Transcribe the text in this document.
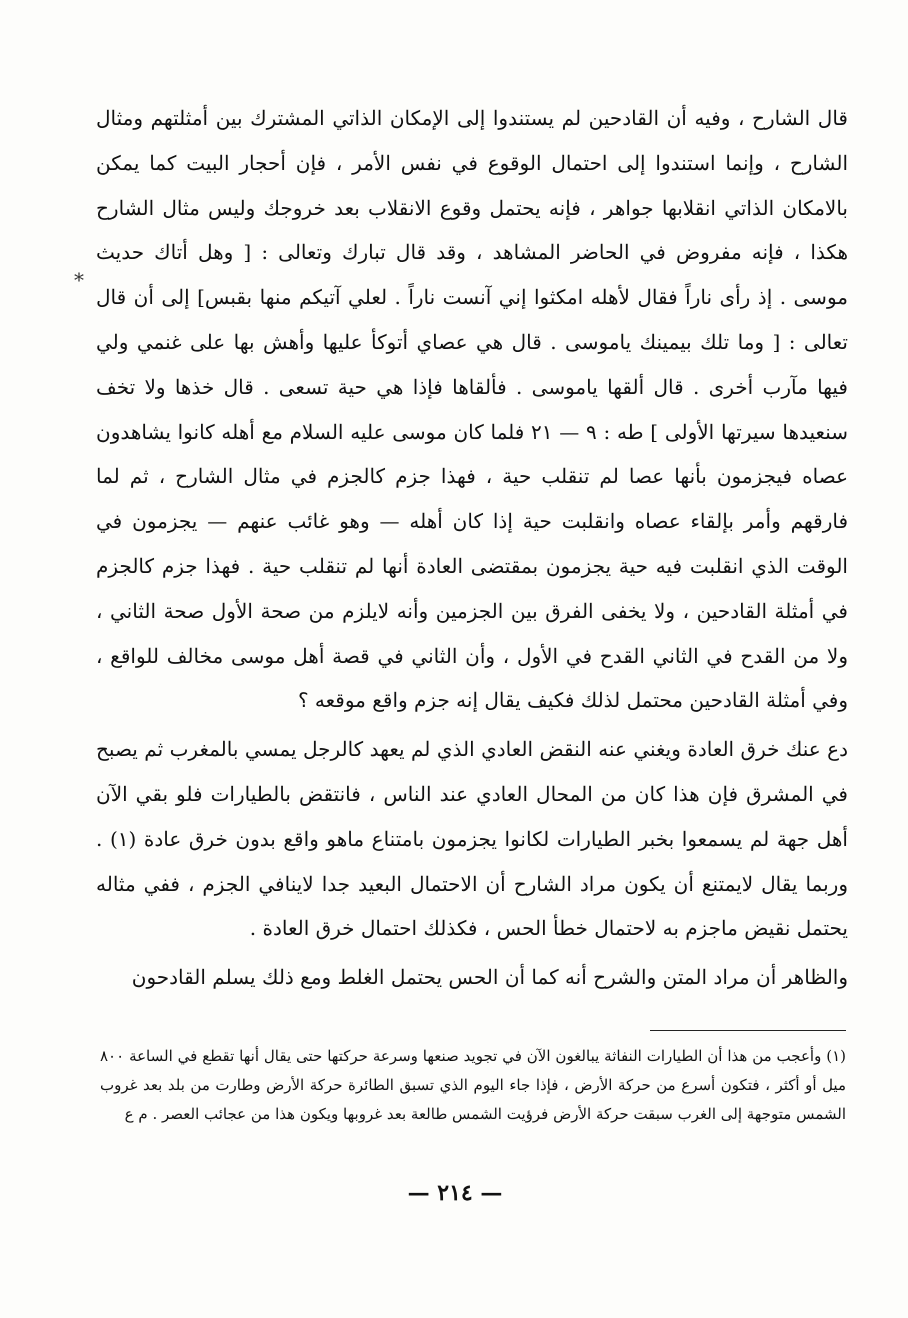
*

قال الشارح ، وفيه أن القادحين لم يستندوا إلى الإمكان الذاتي المشترك بين أمثلتهم ومثال الشارح ، وإنما استندوا إلى احتمال الوقوع في نفس الأمر ، فإن أحجار البيت كما يمكن بالامكان الذاتي انقلابها جواهر ، فإنه يحتمل وقوع الانقلاب بعد خروجك وليس مثال الشارح هكذا ، فإنه مفروض في الحاضر المشاهد ، وقد قال تبارك وتعالى : [ وهل أتاك حديث موسى . إذ رأى ناراً فقال لأهله امكثوا إني آنست ناراً . لعلي آتيكم منها بقبس] إلى أن قال تعالى : [ وما تلك بيمينك ياموسى . قال هي عصاي أتوكأ عليها وأهش بها على غنمي ولي فيها مآرب أخرى . قال ألقها ياموسى . فألقاها فإذا هي حية تسعى . قال خذها ولا تخف سنعيدها سيرتها الأولى ] طه : ٩ — ٢١ فلما كان موسى عليه السلام مع أهله كانوا يشاهدون عصاه فيجزمون بأنها عصا لم تنقلب حية ، فهذا جزم كالجزم في مثال الشارح ، ثم لما فارقهم وأمر بإلقاء عصاه وانقلبت حية إذا كان أهله — وهو غائب عنهم — يجزمون في الوقت الذي انقلبت فيه حية يجزمون بمقتضى العادة أنها لم تنقلب حية . فهذا جزم كالجزم في أمثلة القادحين ، ولا يخفى الفرق بين الجزمين وأنه لايلزم من صحة الأول صحة الثاني ، ولا من القدح في الثاني القدح في الأول ، وأن الثاني في قصة أهل موسى مخالف للواقع ، وفي أمثلة القادحين محتمل لذلك فكيف يقال إنه جزم واقع موقعه ؟

دع عنك خرق العادة ويغني عنه النقض العادي الذي لم يعهد كالرجل يمسي بالمغرب ثم يصبح في المشرق فإن هذا كان من المحال العادي عند الناس ، فانتقض بالطيارات فلو بقي الآن أهل جهة لم يسمعوا بخبر الطيارات لكانوا يجزمون بامتناع ماهو واقع بدون خرق عادة (١) . وربما يقال لايمتنع أن يكون مراد الشارح أن الاحتمال البعيد جدا لاينافي الجزم ، ففي مثاله يحتمل نقيض ماجزم به لاحتمال خطأ الحس ، فكذلك احتمال خرق العادة .

والظاهر أن مراد المتن والشرح أنه كما أن الحس يحتمل الغلط ومع ذلك يسلم القادحون

(١) وأعجب من هذا أن الطيارات النفاثة يبالغون الآن في تجويد صنعها وسرعة حركتها حتى يقال أنها تقطع في الساعة ٨٠٠ ميل أو أكثر ، فتكون أسرع من حركة الأرض ، فإذا جاء اليوم الذي تسبق الطائرة حركة الأرض وطارت من بلد بعد غروب الشمس متوجهة إلى الغرب سبقت حركة الأرض فرؤيت الشمس طالعة بعد غروبها ويكون هذا من عجائب العصر . م ع

— ٢١٤ —
